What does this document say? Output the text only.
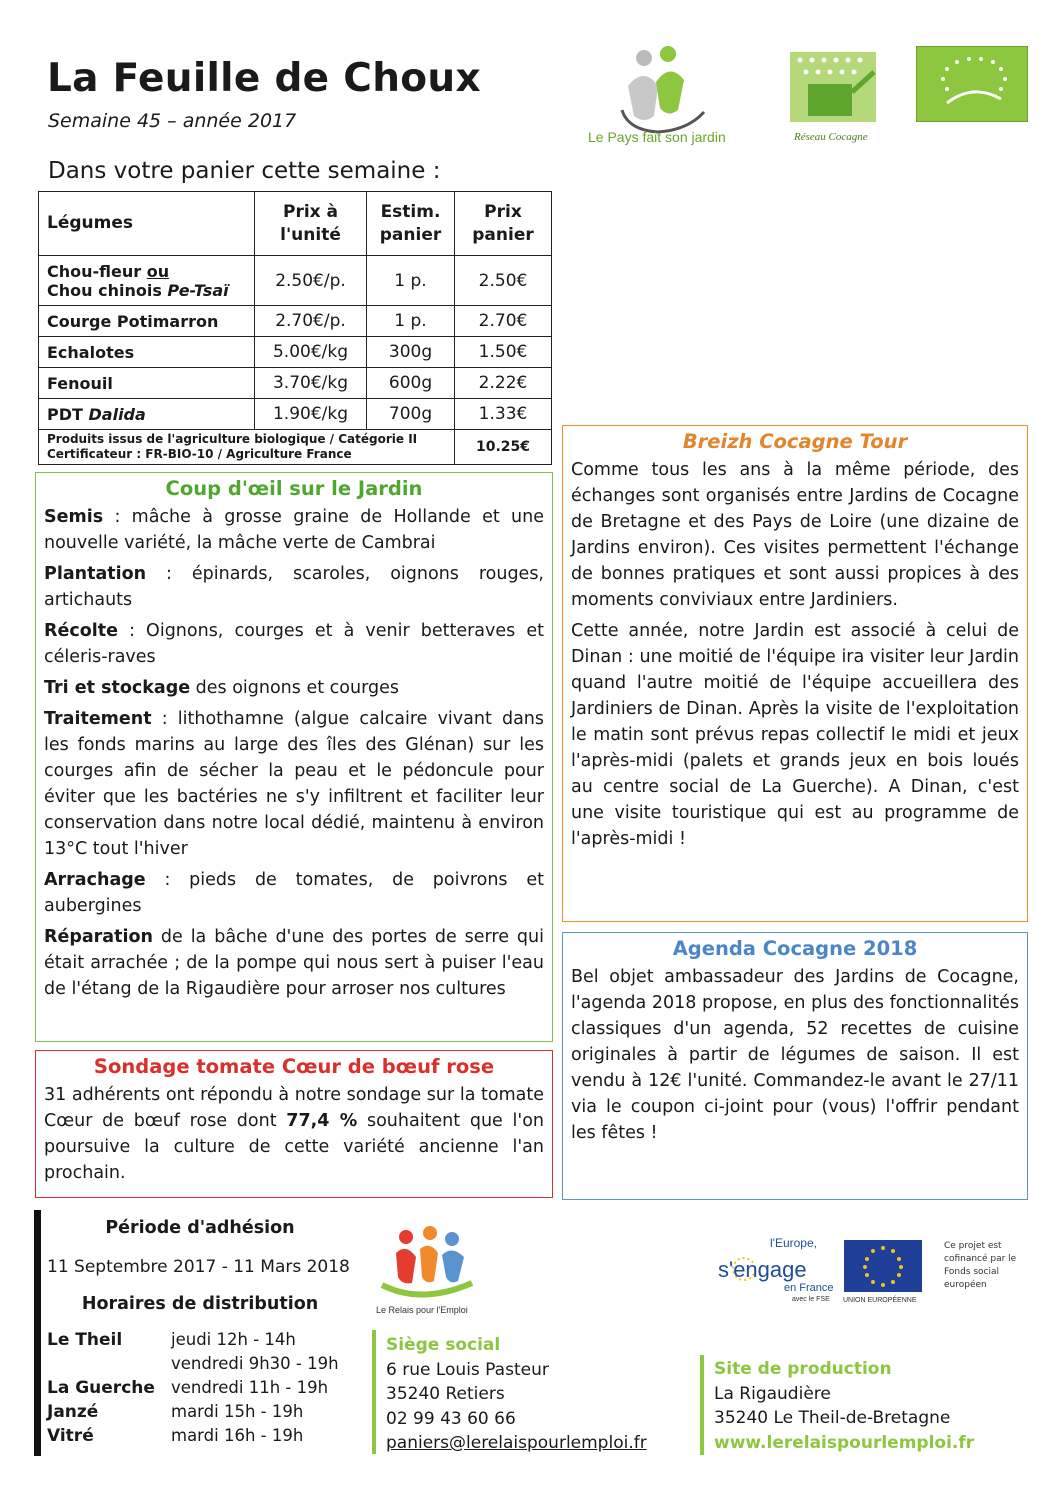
La Feuille de Choux
Semaine 45 – année 2017
Dans votre panier cette semaine :
Le Pays fait son jardin	Réseau Cocagne
Légumes	Prix à l'unité	Estim. panier	Prix panier
Chou-fleur ou
Chou chinois Pe-Tsaï	2.50€/p.	1 p.	2.50€
Courge Potimarron	2.70€/p.	1 p.	2.70€
Echalotes	5.00€/kg	300g	1.50€
Fenouil	3.70€/kg	600g	2.22€
PDT Dalida	1.90€/kg	700g	1.33€
Produits issus de l'agriculture biologique / Catégorie II
Certificateur : FR-BIO-10 / Agriculture France			10.25€
Coup d'œil sur le Jardin

Semis : mâche à grosse graine de Hollande et une nouvelle variété, la mâche verte de Cambrai

Plantation : épinards, scaroles, oignons rouges, artichauts

Récolte : Oignons, courges et à venir betteraves et céleris-raves

Tri et stockage des oignons et courges

Traitement : lithothamne (algue calcaire vivant dans les fonds marins au large des îles des Glénan) sur les courges afin de sécher la peau et le pédoncule pour éviter que les bactéries ne s'y infiltrent et faciliter leur conservation dans notre local dédié, maintenu à environ 13°C tout l'hiver

Arrachage : pieds de tomates, de poivrons et aubergines

Réparation de la bâche d'une des portes de serre qui était arrachée ; de la pompe qui nous sert à puiser l'eau de l'étang de la Rigaudière pour arroser nos cultures

Sondage tomate Cœur de bœuf rose

31 adhérents ont répondu à notre sondage sur la tomate Cœur de bœuf rose dont 77,4 % souhaitent que l'on poursuive la culture de cette variété ancienne l'an prochain.

Breizh Cocagne Tour

Comme tous les ans à la même période, des échanges sont organisés entre Jardins de Cocagne de Bretagne et des Pays de Loire (une dizaine de Jardins environ). Ces visites permettent l'échange de bonnes pratiques et sont aussi propices à des moments conviviaux entre Jardiniers.

Cette année, notre Jardin est associé à celui de Dinan : une moitié de l'équipe ira visiter leur Jardin quand l'autre moitié de l'équipe accueillera des Jardiniers de Dinan. Après la visite de l'exploitation le matin sont prévus repas collectif le midi et jeux l'après-midi (palets et grands jeux en bois loués au centre social de La Guerche). A Dinan, c'est une visite touristique qui est au programme de l'après-midi !

Agenda Cocagne 2018

Bel objet ambassadeur des Jardins de Cocagne, l'agenda 2018 propose, en plus des fonctionnalités classiques d'un agenda, 52 recettes de cuisine originales à partir de légumes de saison. Il est vendu à 12€ l'unité. Commandez-le avant le 27/11 via le coupon ci-joint pour (vous) l'offrir pendant les fêtes !

Période d'adhésion
11 Septembre 2017 - 11 Mars 2018
Horaires de distribution
Le Theil	jeudi 12h - 14h
vendredi 9h30 - 19h
La Guerche vendredi 11h - 19h
Janzé	mardi 15h - 19h
Vitré	mardi 16h - 19h
Le Relais pour l'Emploi
Siège social
6 rue Louis Pasteur
35240 Retiers
02 99 43 60 66
paniers@lerelaispourlemploi.fr
l'Europe,
s'engage
en France
avec le FSE UNION EUROPÉENNE
Ce projet est cofinancé par le Fonds social européen
Site de production
La Rigaudière
35240 Le Theil-de-Bretagne
www.lerelaispourlemploi.fr
